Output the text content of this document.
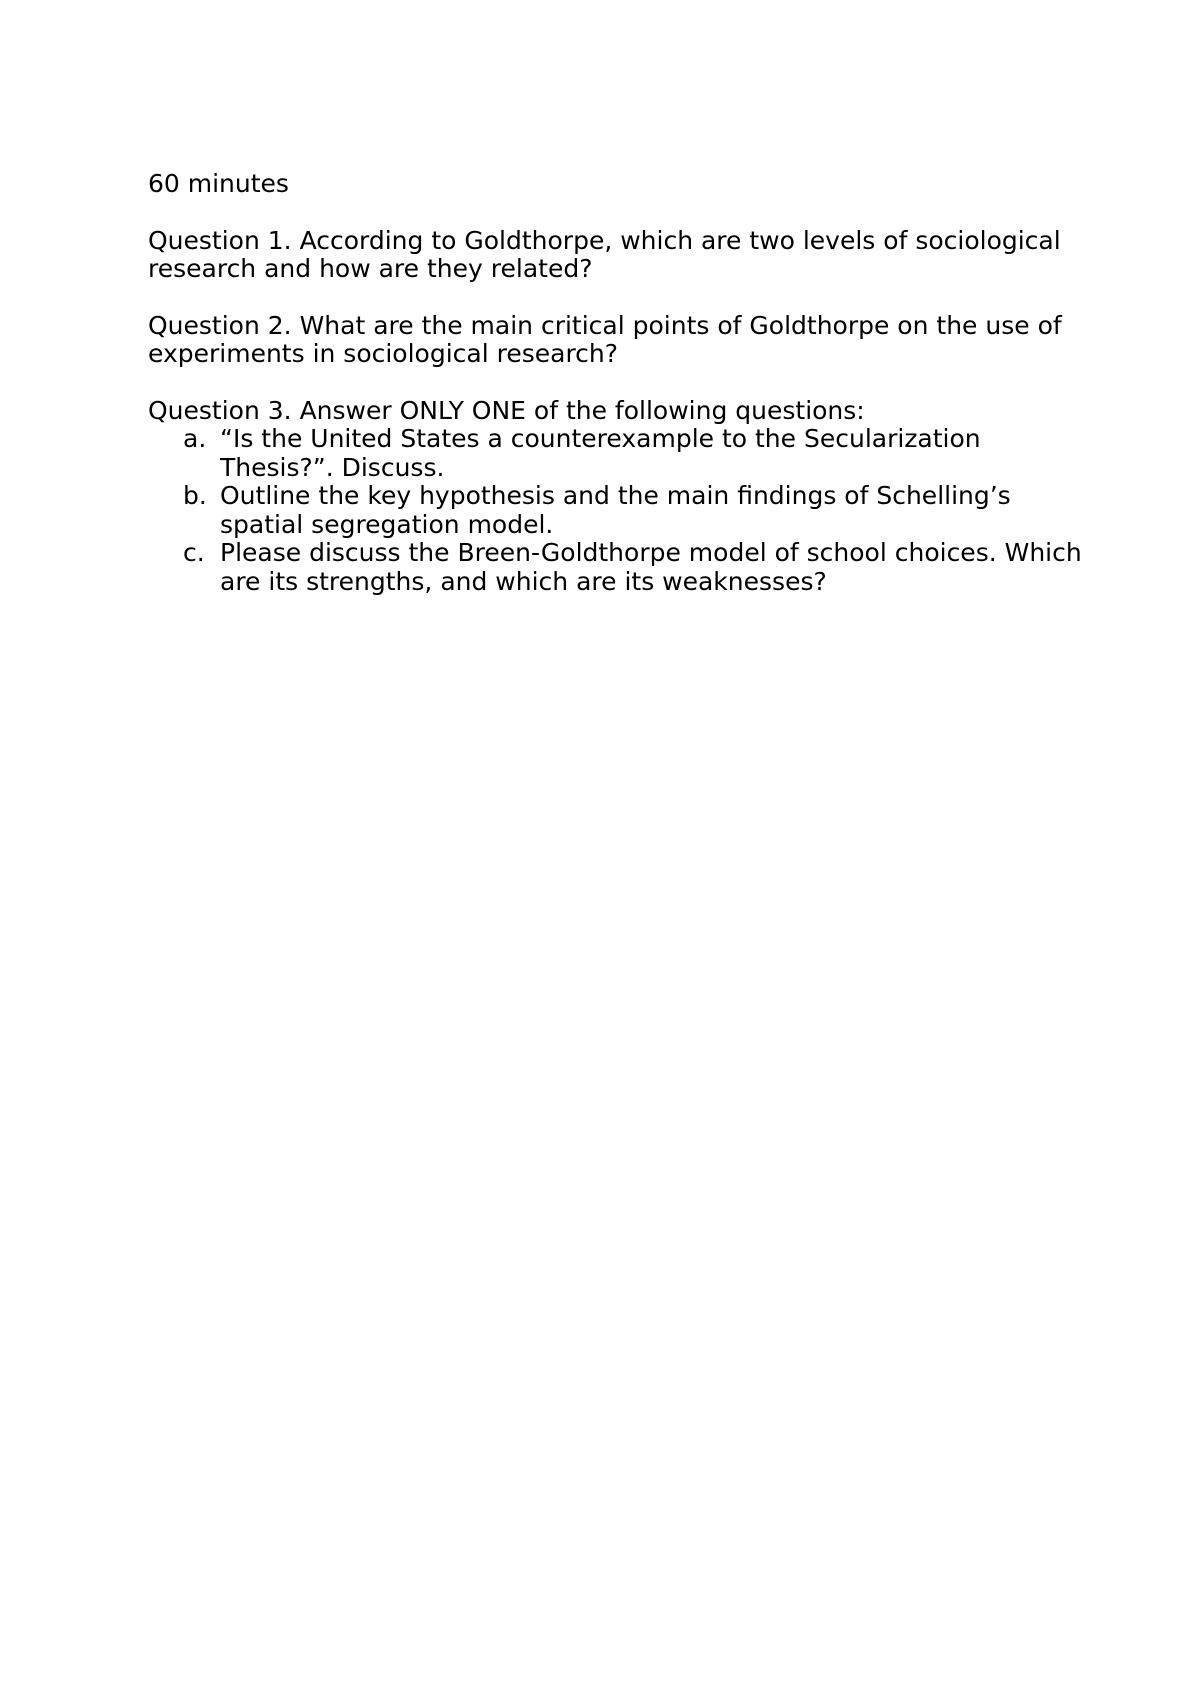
60 minutes

Question 1. According to Goldthorpe, which are two levels of sociological research and how are they related?

Question 2. What are the main critical points of Goldthorpe on the use of experiments in sociological research?

Question 3. Answer ONLY ONE of the following questions:

a. “Is the United States a counterexample to the Secularization Thesis?”. Discuss.
b. Outline the key hypothesis and the main findings of Schelling’s spatial segregation model.
c. Please discuss the Breen-Goldthorpe model of school choices. Which are its strengths, and which are its weaknesses?
